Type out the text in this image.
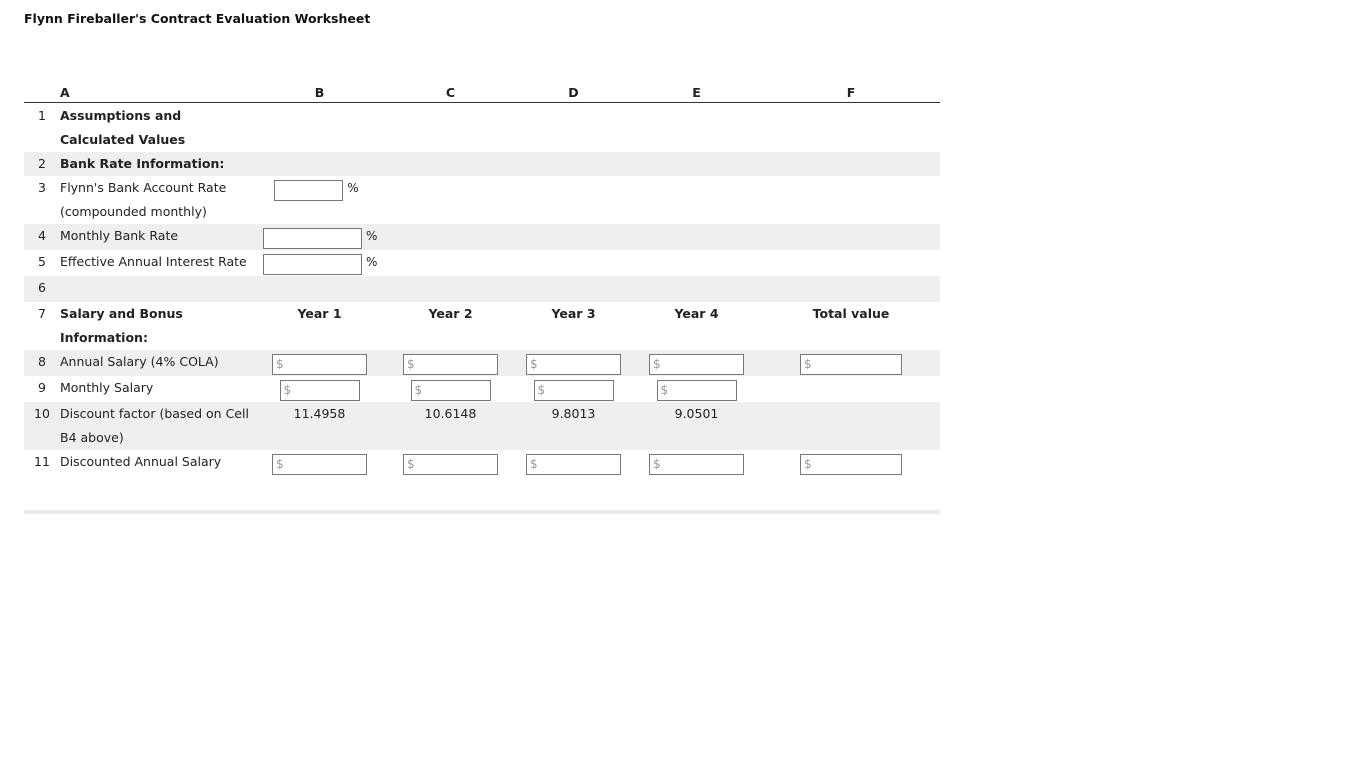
Flynn Fireballer's Contract Evaluation Worksheet
	A	B	C	D	E	F
1	Assumptions and Calculated Values					
2	Bank Rate Information:					
3	Flynn's Bank Account Rate (compounded monthly)	%				
4	Monthly Bank Rate	%				
5	Effective Annual Interest Rate	%				
6						
7	Salary and Bonus Information:	Year 1	Year 2	Year 3	Year 4	Total value
8	Annual Salary (4% COLA)	$	$	$	$	$
9	Monthly Salary	$	$	$	$	
10	Discount factor (based on Cell B4 above)	11.4958	10.6148	9.8013	9.0501	
11	Discounted Annual Salary	$	$	$	$	$
